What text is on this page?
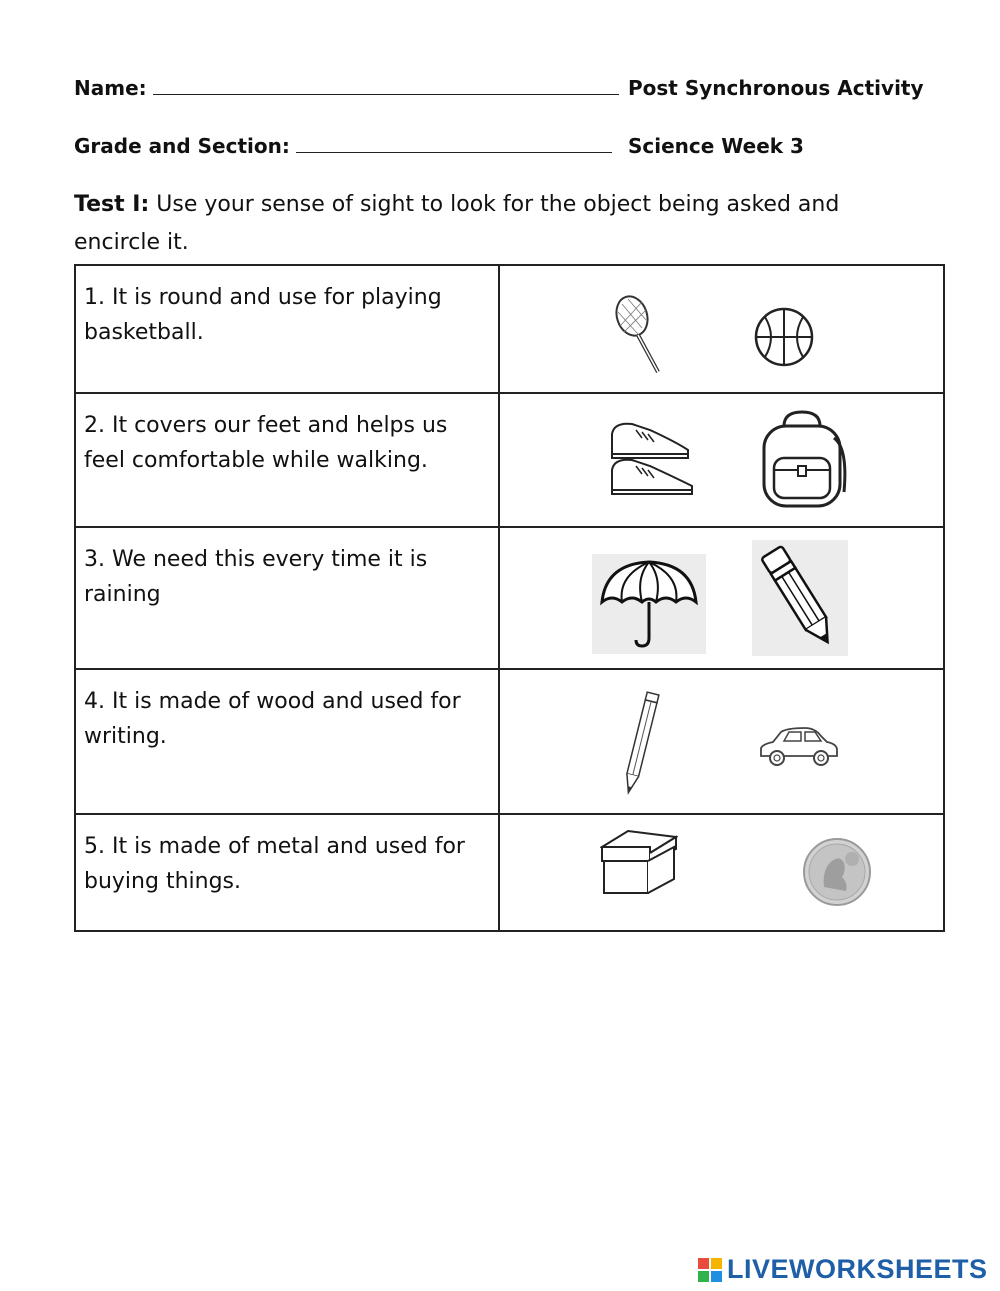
Name:	Post Synchronous Activity
Grade and Section:	Science Week 3
Test I: Use your sense of sight to look for the object being asked and encircle it.
1. It is round and use for playing basketball.	

2. It covers our feet and helps us feel comfortable while walking.	

3. We need this every time it is raining	

4. It is made of wood and used for writing.	

5. It is made of metal and used for buying things.	
LIVEWORKSHEETS
